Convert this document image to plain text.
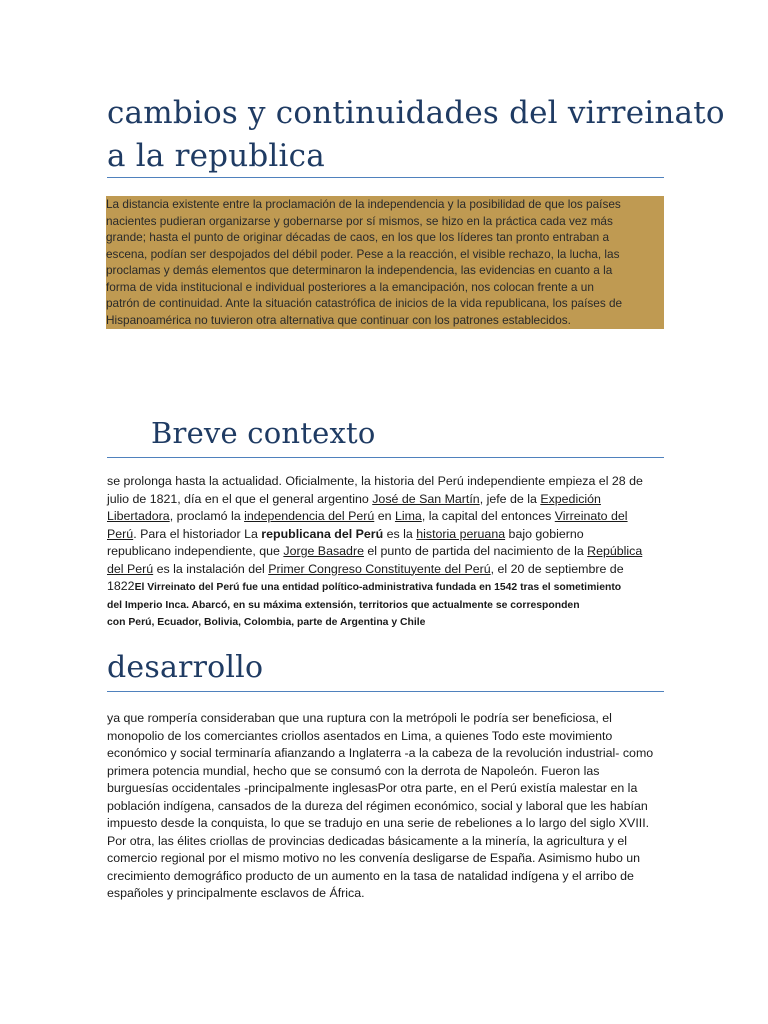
cambios y continuidades del virreinato
a la republica
La distancia existente entre la proclamación de la independencia y la posibilidad de que los países
nacientes pudieran organizarse y gobernarse por sí mismos, se hizo en la práctica cada vez más
grande; hasta el punto de originar décadas de caos, en los que los líderes tan pronto entraban a
escena, podían ser despojados del débil poder. Pese a la reacción, el visible rechazo, la lucha, las
proclamas y demás elementos que determinaron la independencia, las evidencias en cuanto a la
forma de vida institucional e individual posteriores a la emancipación, nos colocan frente a un
patrón de continuidad. Ante la situación catastrófica de inicios de la vida republicana, los países de
Hispanoamérica no tuvieron otra alternativa que continuar con los patrones establecidos.
Breve contexto
se prolonga hasta la actualidad. Oficialmente, la historia del Perú independiente empieza el 28 de
julio de 1821, día en el que el general argentino José de San Martín, jefe de la Expedición
Libertadora, proclamó la independencia del Perú en Lima, la capital del entonces Virreinato del
Perú. Para el historiador La republicana del Perú es la historia peruana bajo gobierno
republicano independiente, que Jorge Basadre el punto de partida del nacimiento de la República
del Perú es la instalación del Primer Congreso Constituyente del Perú, el 20 de septiembre de
1822El Virreinato del Perú fue una entidad político-administrativa fundada en 1542 tras el sometimiento
del Imperio Inca. Abarcó, en su máxima extensión, territorios que actualmente se corresponden
con Perú, Ecuador, Bolivia, Colombia, parte de Argentina y Chile
desarrollo
ya que rompería consideraban que una ruptura con la metrópoli le podría ser beneficiosa, el
monopolio de los comerciantes criollos asentados en Lima, a quienes Todo este movimiento
económico y social terminaría afianzando a Inglaterra -a la cabeza de la revolución industrial- como
primera potencia mundial, hecho que se consumó con la derrota de Napoleón. Fueron las
burguesías occidentales -principalmente inglesasPor otra parte, en el Perú existía malestar en la
población indígena, cansados de la dureza del régimen económico, social y laboral que les habían
impuesto desde la conquista, lo que se tradujo en una serie de rebeliones a lo largo del siglo XVIII.
Por otra, las élites criollas de provincias dedicadas básicamente a la minería, la agricultura y el
comercio regional por el mismo motivo no les convenía desligarse de España. Asimismo hubo un
crecimiento demográfico producto de un aumento en la tasa de natalidad indígena y el arribo de
españoles y principalmente esclavos de África.
